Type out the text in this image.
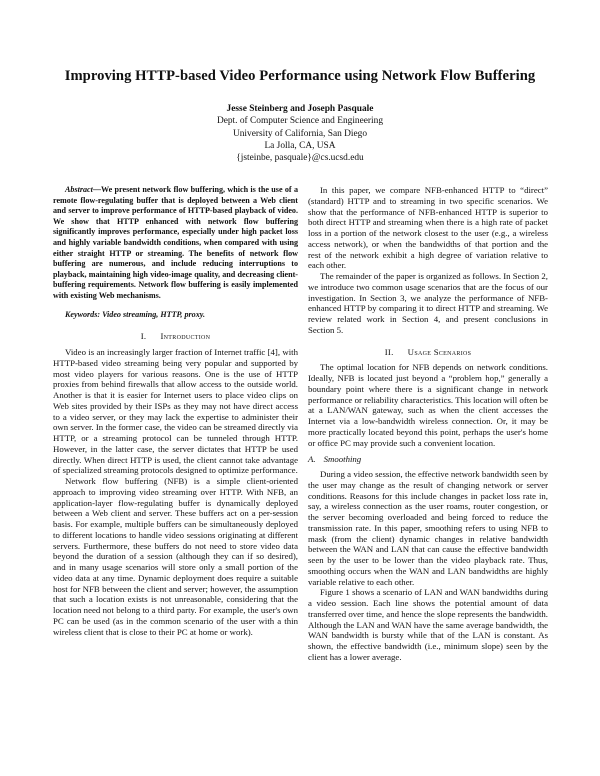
Improving HTTP-based Video Performance using Network Flow Buffering
Jesse Steinberg and Joseph Pasquale
Dept. of Computer Science and Engineering
University of California, San Diego
La Jolla, CA, USA
{jsteinbe, pasquale}@cs.ucsd.edu

Abstract—We present network flow buffering, which is the use of a remote flow-regulating buffer that is deployed between a Web client and server to improve performance of HTTP-based playback of video. We show that HTTP enhanced with network flow buffering significantly improves performance, especially under high packet loss and highly variable bandwidth conditions, when compared with using either straight HTTP or streaming. The benefits of network flow buffering are numerous, and include reducing interruptions to playback, maintaining high video-image quality, and decreasing client-buffering requirements. Network flow buffering is easily implemented with existing Web mechanisms.

Keywords: Video streaming, HTTP, proxy.

I. Introduction

Video is an increasingly larger fraction of Internet traffic [4], with HTTP-based video streaming being very popular and supported by most video players for various reasons. One is the use of HTTP proxies from behind firewalls that allow access to the outside world. Another is that it is easier for Internet users to place video clips on Web sites provided by their ISPs as they may not have direct access to a video server, or they may lack the expertise to administer their own server. In the former case, the video can be streamed directly via HTTP, or a streaming protocol can be tunneled through HTTP. However, in the latter case, the server dictates that HTTP be used directly. When direct HTTP is used, the client cannot take advantage of specialized streaming protocols designed to optimize performance.

Network flow buffering (NFB) is a simple client-oriented approach to improving video streaming over HTTP. With NFB, an application-layer flow-regulating buffer is dynamically deployed between a Web client and server. These buffers act on a per-session basis. For example, multiple buffers can be simultaneously deployed to different locations to handle video sessions originating at different servers. Furthermore, these buffers do not need to store video data beyond the duration of a session (although they can if so desired), and in many usage scenarios will store only a small portion of the video data at any time. Dynamic deployment does require a suitable host for NFB between the client and server; however, the assumption that such a location exists is not unreasonable, considering that the location need not belong to a third party. For example, the user's own PC can be used (as in the common scenario of the user with a thin wireless client that is close to their PC at home or work).

In this paper, we compare NFB-enhanced HTTP to “direct” (standard) HTTP and to streaming in two specific scenarios. We show that the performance of NFB-enhanced HTTP is superior to both direct HTTP and streaming when there is a high rate of packet loss in a portion of the network closest to the user (e.g., a wireless access network), or when the bandwidths of that portion and the rest of the network exhibit a high degree of variation relative to each other.

The remainder of the paper is organized as follows. In Section 2, we introduce two common usage scenarios that are the focus of our investigation. In Section 3, we analyze the performance of NFB-enhanced HTTP by comparing it to direct HTTP and streaming. We review related work in Section 4, and present conclusions in Section 5.

II. Usage Scenarios

The optimal location for NFB depends on network conditions. Ideally, NFB is located just beyond a “problem hop,” generally a boundary point where there is a significant change in network performance or reliability characteristics. This location will often be at a LAN/WAN gateway, such as when the client accesses the Internet via a low-bandwidth wireless connection. Or, it may be more practically located beyond this point, perhaps the user's home or office PC may provide such a convenient location.

A. Smoothing

During a video session, the effective network bandwidth seen by the user may change as the result of changing network or server conditions. Reasons for this include changes in packet loss rate in, say, a wireless connection as the user roams, router congestion, or the server becoming overloaded and being forced to reduce the transmission rate. In this paper, smoothing refers to using NFB to mask (from the client) dynamic changes in relative bandwidth between the WAN and LAN that can cause the effective bandwidth seen by the user to be lower than the video playback rate. Thus, smoothing occurs when the WAN and LAN bandwidths are highly variable relative to each other.

Figure 1 shows a scenario of LAN and WAN bandwidths during a video session. Each line shows the potential amount of data transferred over time, and hence the slope represents the bandwidth. Although the LAN and WAN have the same average bandwidth, the WAN bandwidth is bursty while that of the LAN is constant. As shown, the effective bandwidth (i.e., minimum slope) seen by the client has a lower average.
